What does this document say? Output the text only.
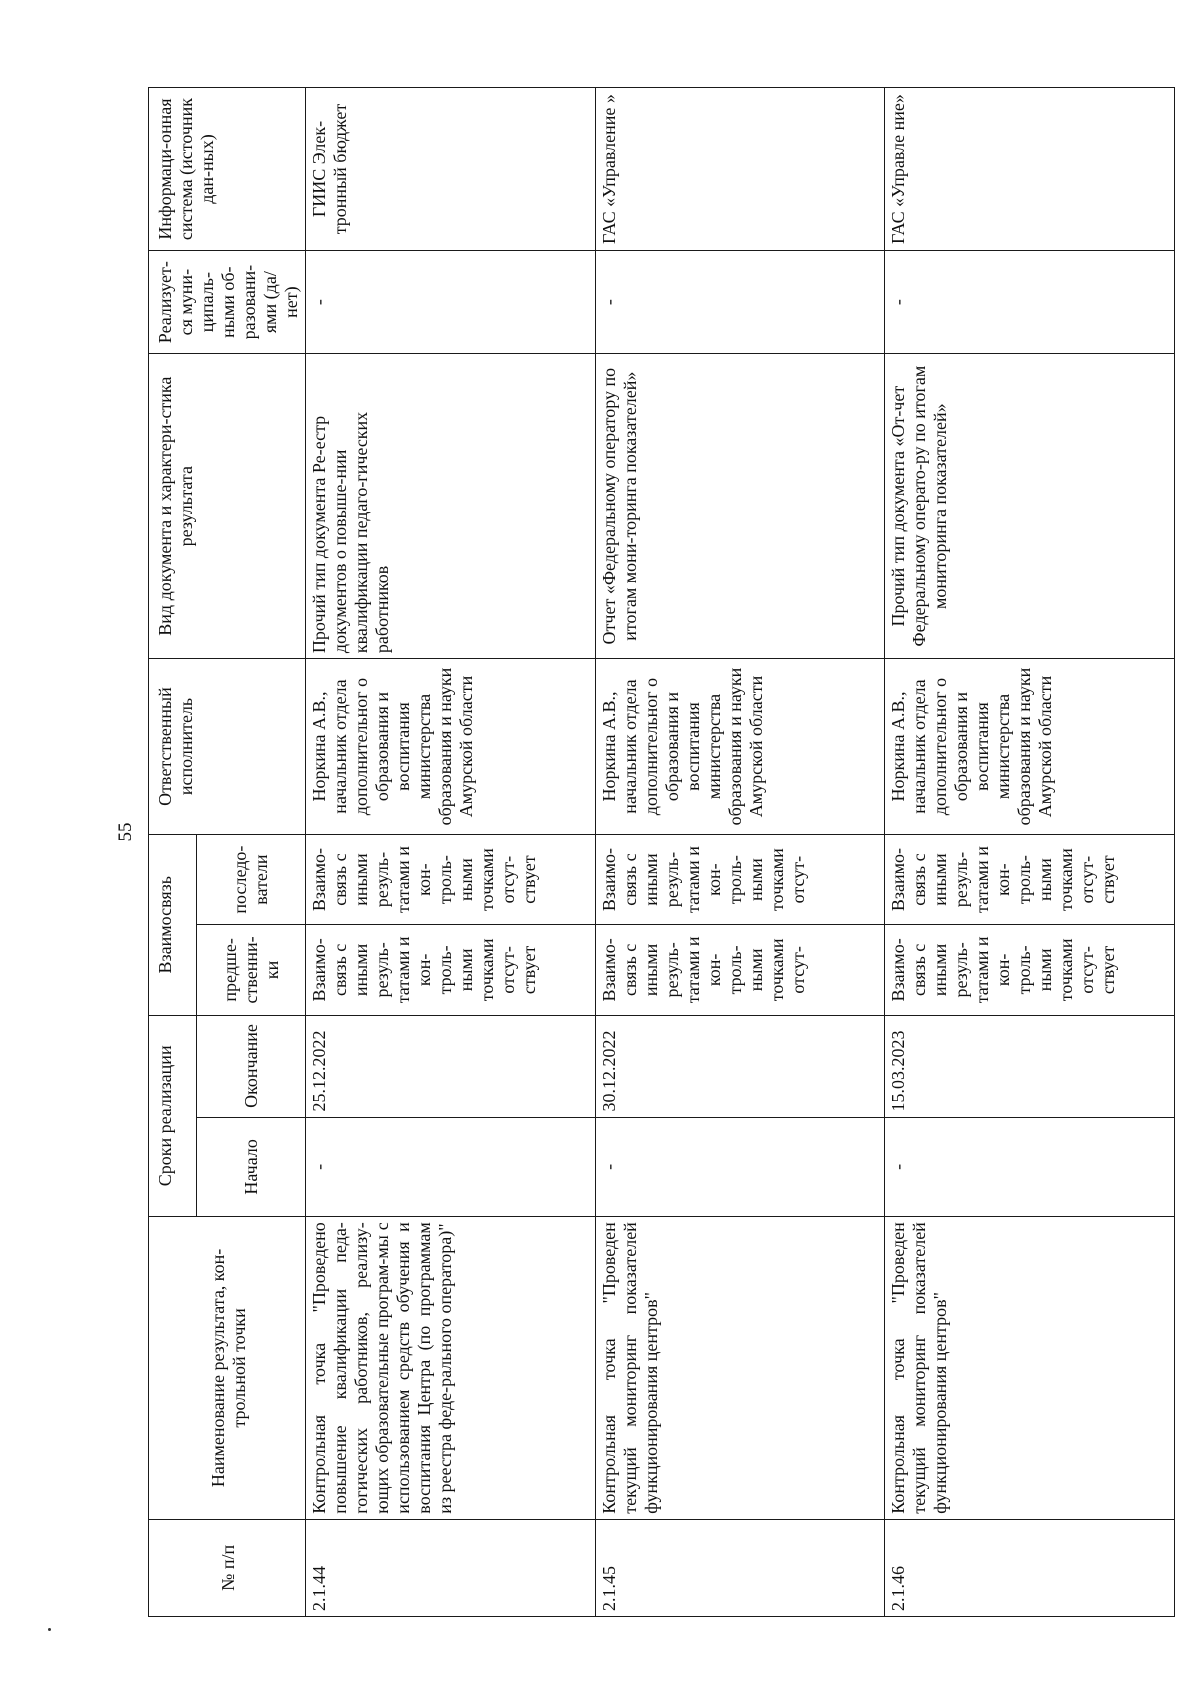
55
№ п/п	Наименование результата, кон-трольной точки	Сроки реализации		Взаимосвязь		Ответственный исполнитель	Вид документа и характери-стика результата	Реализует-ся муни-ципаль-ными об-разовани-ями (да/нет)	Информаци-онная система (источник дан-ных)
		Начало	Окончание	предше-ственни-ки	последо-ватели				
2.1.44	Контрольная точка "Проведено повышение квалификации педа-гогических работников, реализу-ющих образовательные програм-мы с использованием средств обучения и воспитания Центра (по программам из реестра феде-рального оператора)"	-	25.12.2022	Взаимо-связь с иными резуль-татами и кон-троль-ными точками отсут-ствует	Взаимо-связь с иными резуль-татами и кон-троль-ными точками отсут-ствует	Норкина А.В., начальник отдела дополнительног о образования и воспитания министерства образования и науки Амурской области	Прочий тип документа Ре-естр документов о повыше-нии квалификации педаго-гических работников	-	ГИИС Элек-тронный бюджет
2.1.45	Контрольная точка "Проведен текущий мониторинг показателей функционирования центров"	-	30.12.2022	Взаимо-связь с иными резуль-татами и кон-троль-ными точками отсут-	Взаимо-связь с иными резуль-татами и кон-троль-ными точками отсут-	Норкина А.В., начальник отдела дополнительног о образования и воспитания министерства образования и науки Амурской области	Отчет «Федеральному оператору по итогам мони-торинга показателей»	-	ГАС «Управление »
2.1.46	Контрольная точка "Проведен текущий мониторинг показателей функционирования центров"	-	15.03.2023	Взаимо-связь с иными резуль-татами и кон-троль-ными точками отсут-ствует	Взаимо-связь с иными резуль-татами и кон-троль-ными точками отсут-ствует	Норкина А.В., начальник отдела дополнительног о образования и воспитания министерства образования и науки Амурской области	Прочий тип документа «От-чет Федеральному операто-ру по итогам мониторинга показателей»	-	ГАС «Управле ние»
